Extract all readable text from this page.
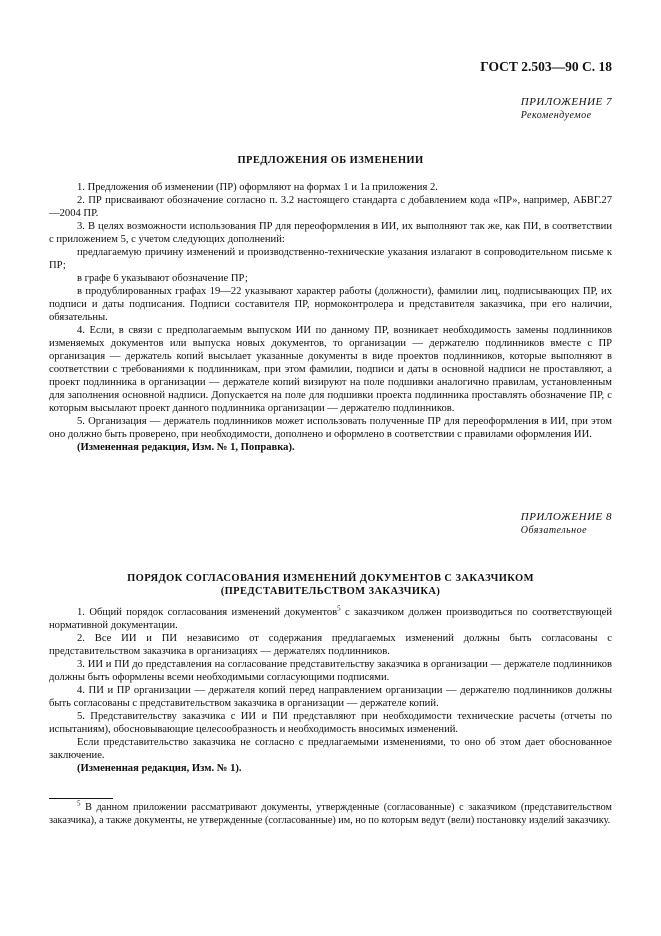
ГОСТ 2.503—90 С. 18
ПРИЛОЖЕНИЕ 7
Рекомендуемое
ПРЕДЛОЖЕНИЯ ОБ ИЗМЕНЕНИИ

1. Предложения об изменении (ПР) оформляют на формах 1 и 1а приложения 2.

2. ПР присваивают обозначение согласно п. 3.2 настоящего стандарта с добавлением кода «ПР», например, АБВГ.27—2004 ПР.

3. В целях возможности использования ПР для переоформления в ИИ, их выполняют так же, как ПИ, в соответствии с приложением 5, с учетом следующих дополнений:

предлагаемую причину изменений и производственно-технические указания излагают в сопроводительном письме к ПР;

в графе 6 указывают обозначение ПР;

в продублированных графах 19—22 указывают характер работы (должности), фамилии лиц, подписывающих ПР, их подписи и даты подписания. Подписи составителя ПР, нормоконтролера и представителя заказчика, при его наличии, обязательны.

4. Если, в связи с предполагаемым выпуском ИИ по данному ПР, возникает необходимость замены подлинников изменяемых документов или выпуска новых документов, то организации — держателю подлинников вместе с ПР организация — держатель копий высылает указанные документы в виде проектов подлинников, которые выполняют в соответствии с требованиями к подлинникам, при этом фамилии, подписи и даты в основной надписи не проставляют, а проект подлинника в организации — держателе копий визируют на поле подшивки аналогично правилам, установленным для заполнения основной надписи. Допускается на поле для подшивки проекта подлинника проставлять обозначение ПР, с которым высылают проект данного подлинника организации — держателю подлинников.

5. Организация — держатель подлинников может использовать полученные ПР для переоформления в ИИ, при этом оно должно быть проверено, при необходимости, дополнено и оформлено в соответствии с правилами оформления ИИ.

(Измененная редакция, Изм. № 1, Поправка).

ПРИЛОЖЕНИЕ 8
Обязательное
ПОРЯДОК СОГЛАСОВАНИЯ ИЗМЕНЕНИЙ ДОКУМЕНТОВ С ЗАКАЗЧИКОМ
(ПРЕДСТАВИТЕЛЬСТВОМ ЗАКАЗЧИКА)

1. Общий порядок согласования изменений документов$^5$ с заказчиком должен производиться по соответствующей нормативной документации.

2. Все ИИ и ПИ независимо от содержания предлагаемых изменений должны быть согласованы с представительством заказчика в организациях — держателях подлинников.

3. ИИ и ПИ до представления на согласование представительству заказчика в организации — держателе подлинников должны быть оформлены всеми необходимыми согласующими подписями.

4. ПИ и ПР организации — держателя копий перед направлением организации — держателю подлинников должны быть согласованы с представительством заказчика в организации — держателе копий.

5. Представительству заказчика с ИИ и ПИ представляют при необходимости технические расчеты (отчеты по испытаниям), обосновывающие целесообразность и необходимость вносимых изменений.

Если представительство заказчика не согласно с предлагаемыми изменениями, то оно об этом дает обоснованное заключение.

(Измененная редакция, Изм. № 1).

$^5$ В данном приложении рассматривают документы, утвержденные (согласованные) с заказчиком (представительством заказчика), а также документы, не утвержденные (согласованные) им, но по которым ведут (вели) постановку изделий заказчику.
